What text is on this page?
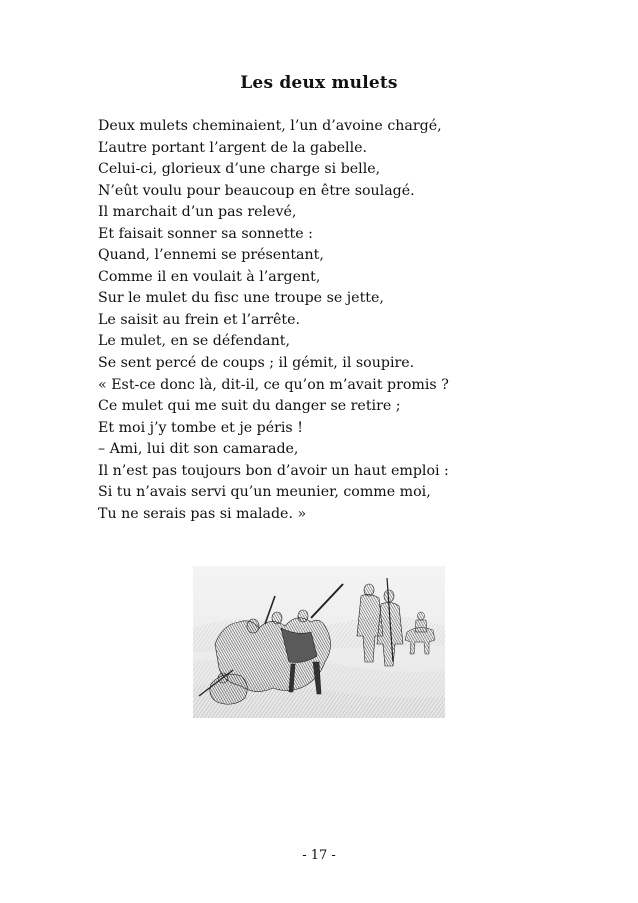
Les deux mulets
Deux mulets cheminaient, l’un d’avoine chargé,
L’autre portant l’argent de la gabelle.
Celui-ci, glorieux d’une charge si belle,
N’eût voulu pour beaucoup en être soulagé.
Il marchait d’un pas relevé,
Et faisait sonner sa sonnette :
Quand, l’ennemi se présentant,
Comme il en voulait à l’argent,
Sur le mulet du fisc une troupe se jette,
Le saisit au frein et l’arrête.
Le mulet, en se défendant,
Se sent percé de coups ; il gémit, il soupire.
« Est-ce donc là, dit-il, ce qu’on m’avait promis ?
Ce mulet qui me suit du danger se retire ;
Et moi j’y tombe et je péris !
– Ami, lui dit son camarade,
Il n’est pas toujours bon d’avoir un haut emploi :
Si tu n’avais servi qu’un meunier, comme moi,
Tu ne serais pas si malade. »
- 17 -
